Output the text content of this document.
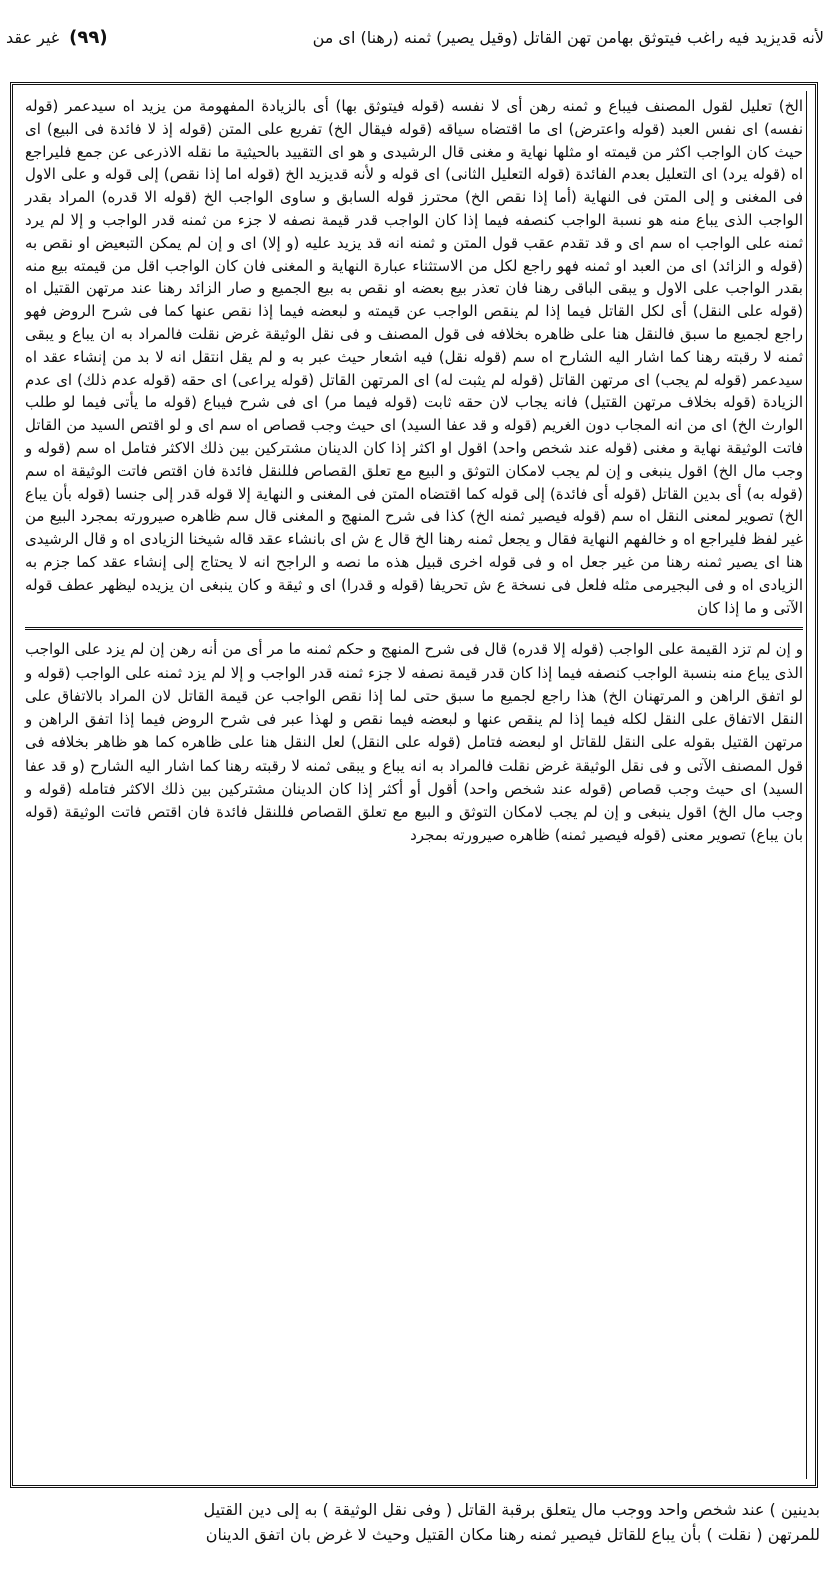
لأنه قديزيد فيه راغب فيتوثق بهامن تهن القاتل (وقيل يصير) ثمنه (رهنا) اى من
(٩٩)
غير عقد

الخ) تعليل لقول المصنف فيباع و ثمنه رهن أى لا نفسه (قوله فيتوثق بها) أى بالزيادة المفهومة من يزيد اه سيدعمر (قوله نفسه) اى نفس العبد (قوله واعترض) اى ما اقتضاه سياقه (قوله فيقال الخ) تفريع على المتن (قوله إذ لا فائدة فى البيع) اى حيث كان الواجب اكثر من قيمته او مثلها نهاية و مغنى قال الرشيدى و هو اى التقييد بالحيثية ما نقله الاذرعى عن جمع فليراجع اه (قوله يرد) اى التعليل بعدم الفائدة (قوله التعليل الثانى) اى قوله و لأنه قديزيد الخ (قوله اما إذا نقص) إلى قوله و على الاول فى المغنى و إلى المتن فى النهاية (أما إذا نقص الخ) محترز قوله السابق و ساوى الواجب الخ (قوله الا قدره) المراد بقدر الواجب الذى يباع منه هو نسبة الواجب كنصفه فيما إذا كان الواجب قدر قيمة نصفه لا جزء من ثمنه قدر الواجب و إلا لم يرد ثمنه على الواجب اه سم اى و قد تقدم عقب قول المتن و ثمنه انه قد يزيد عليه (و إلا) اى و إن لم يمكن التبعيض او نقص به (قوله و الزائد) اى من العبد او ثمنه فهو راجع لكل من الاستثناء عبارة النهاية و المغنى فان كان الواجب اقل من قيمته بيع منه بقدر الواجب على الاول و يبقى الباقى رهنا فان تعذر بيع بعضه او نقص به بيع الجميع و صار الزائد رهنا عند مرتهن القتيل اه (قوله على النقل) أى لكل القاتل فيما إذا لم ينقص الواجب عن قيمته و لبعضه فيما إذا نقص عنها كما فى شرح الروض فهو راجع لجميع ما سبق فالنقل هنا على ظاهره بخلافه فى قول المصنف و فى نقل الوثيقة غرض نقلت فالمراد به ان يباع و يبقى ثمنه لا رقبته رهنا كما اشار اليه الشارح اه سم (قوله نقل) فيه اشعار حيث عبر به و لم يقل انتقل انه لا بد من إنشاء عقد اه سيدعمر (قوله لم يجب) اى مرتهن القاتل (قوله لم يثبت له) اى المرتهن القاتل (قوله يراعى) اى حقه (قوله عدم ذلك) اى عدم الزيادة (قوله بخلاف مرتهن القتيل) فانه يجاب لان حقه ثابت (قوله فيما مر) اى فى شرح فيباع (قوله ما يأتى فيما لو طلب الوارث الخ) اى من انه المجاب دون الغريم (قوله و قد عفا السيد) اى حيث وجب قصاص اه سم اى و لو اقتص السيد من القاتل فاتت الوثيقة نهاية و مغنى (قوله عند شخص واحد) اقول او اكثر إذا كان الدينان مشتركين بين ذلك الاكثر فتامل اه سم (قوله و وجب مال الخ) اقول ينبغى و إن لم يجب لامكان التوثق و البيع مع تعلق القصاص فللنقل فائدة فان اقتص فاتت الوثيقة اه سم (قوله به) أى بدين القاتل (قوله أى فائدة) إلى قوله كما اقتضاه المتن فى المغنى و النهاية إلا قوله قدر إلى جنسا (قوله بأن يباع الخ) تصوير لمعنى النقل اه سم (قوله فيصير ثمنه الخ) كذا فى شرح المنهج و المغنى قال سم ظاهره صيرورته بمجرد البيع من غير لفظ فليراجع اه و خالفهم النهاية فقال و يجعل ثمنه رهنا الخ قال ع ش اى بانشاء عقد قاله شيخنا الزيادى اه و قال الرشيدى هنا اى يصير ثمنه رهنا من غير جعل اه و فى قوله اخرى قبيل هذه ما نصه و الراجح انه لا يحتاج إلى إنشاء عقد كما جزم به الزيادى اه و فى البجيرمى مثله فلعل فى نسخة ع ش تحريفا (قوله و قدرا) اى و ثيقة و كان ينبغى ان يزيده ليظهر عطف قوله الآتى و ما إذا كان

و إن لم تزد القيمة على الواجب (قوله إلا قدره) قال فى شرح المنهج و حكم ثمنه ما مر أى من أنه رهن إن لم يزد على الواجب الذى يباع منه بنسبة الواجب كنصفه فيما إذا كان قدر قيمة نصفه لا جزء ثمنه قدر الواجب و إلا لم يزد ثمنه على الواجب (قوله و لو اتفق الراهن و المرتهنان الخ) هذا راجع لجميع ما سبق حتى لما إذا نقص الواجب عن قيمة القاتل لان المراد بالاتفاق على النقل الاتفاق على النقل لكله فيما إذا لم ينقص عنها و لبعضه فيما نقص و لهذا عبر فى شرح الروض فيما إذا اتفق الراهن و مرتهن القتيل بقوله على النقل للقاتل او لبعضه فتامل (قوله على النقل) لعل النقل هنا على ظاهره كما هو ظاهر بخلافه فى قول المصنف الآتى و فى نقل الوثيقة غرض نقلت فالمراد به انه يباع و يبقى ثمنه لا رقبته رهنا كما اشار اليه الشارح (و قد عفا السيد) اى حيث وجب قصاص (قوله عند شخص واحد) أقول أو أكثر إذا كان الدينان مشتركين بين ذلك الاكثر فتامله (قوله و وجب مال الخ) اقول ينبغى و إن لم يجب لامكان التوثق و البيع مع تعلق القصاص فللنقل فائدة فان اقتص فاتت الوثيقة (قوله بان يباع) تصوير معنى (قوله فيصير ثمنه) ظاهره صيرورته بمجرد

بدينين ) عند شخص واحد ووجب مال يتعلق برقبة القاتل ( وفى نقل الوثيقة ) به إلى دين القتيل
للمرتهن ( نقلت ) بأن يباع للقاتل فيصير ثمنه رهنا مكان القتيل وحيث لا غرض بان اتفق الدينان
